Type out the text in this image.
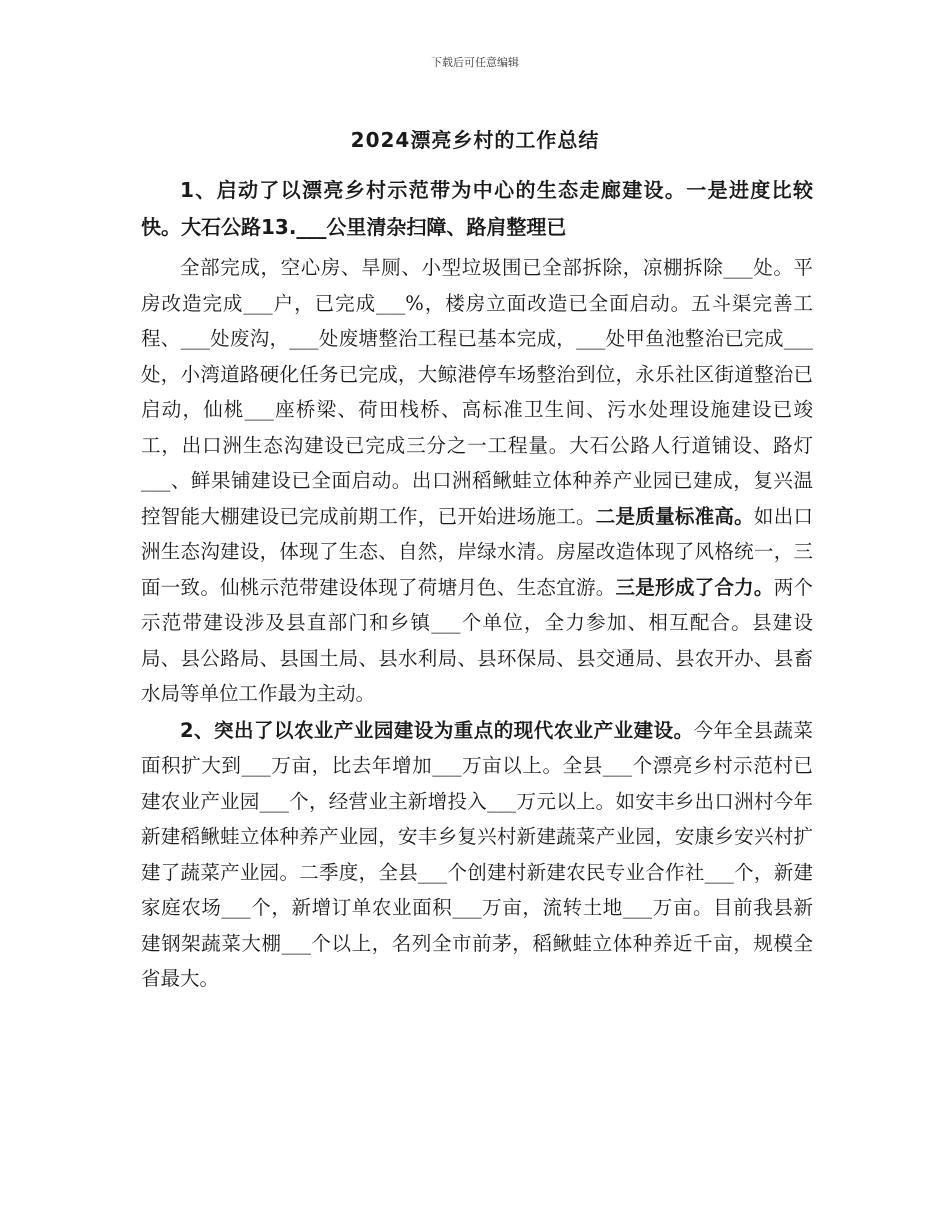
下载后可任意编辑
2024漂亮乡村的工作总结

1、启动了以漂亮乡村示范带为中心的生态走廊建设。一是进度比较快。大石公路13.___公里清杂扫障、路肩整理已

全部完成，空心房、旱厕、小型垃圾围已全部拆除，凉棚拆除___处。平房改造完成___户，已完成___%，楼房立面改造已全面启动。五斗渠完善工程、___处废沟，___处废塘整治工程已基本完成，___处甲鱼池整治已完成___处，小湾道路硬化任务已完成，大鲸港停车场整治到位，永乐社区街道整治已启动，仙桃___座桥梁、荷田栈桥、高标准卫生间、污水处理设施建设已竣工，出口洲生态沟建设已完成三分之一工程量。大石公路人行道铺设、路灯___、鲜果铺建设已全面启动。出口洲稻鳅蛙立体种养产业园已建成，复兴温控智能大棚建设已完成前期工作，已开始进场施工。二是质量标准高。如出口洲生态沟建设，体现了生态、自然，岸绿水清。房屋改造体现了风格统一，三面一致。仙桃示范带建设体现了荷塘月色、生态宜游。三是形成了合力。两个示范带建设涉及县直部门和乡镇___个单位，全力参加、相互配合。县建设局、县公路局、县国土局、县水利局、县环保局、县交通局、县农开办、县畜水局等单位工作最为主动。

2、突出了以农业产业园建设为重点的现代农业产业建设。今年全县蔬菜面积扩大到___万亩，比去年增加___万亩以上。全县___个漂亮乡村示范村已建农业产业园___个，经营业主新增投入___万元以上。如安丰乡出口洲村今年新建稻鳅蛙立体种养产业园，安丰乡复兴村新建蔬菜产业园，安康乡安兴村扩建了蔬菜产业园。二季度，全县___个创建村新建农民专业合作社___个，新建家庭农场___个，新增订单农业面积___万亩，流转土地___万亩。目前我县新建钢架蔬菜大棚___个以上，名列全市前茅，稻鳅蛙立体种养近千亩，规模全省最大。
